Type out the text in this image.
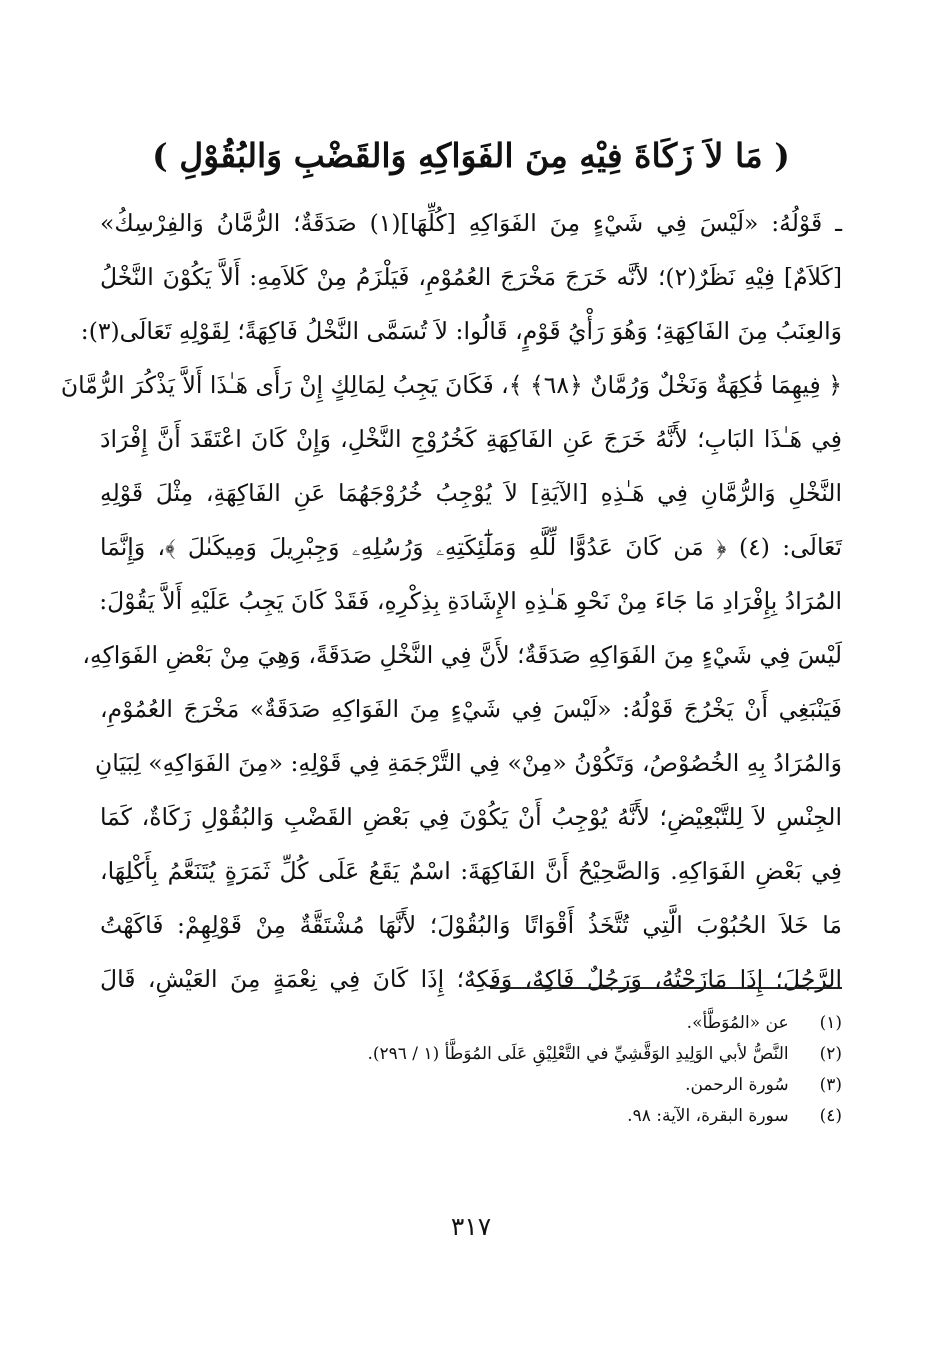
( مَا لاَ زَكَاةَ فِيْهِ مِنَ الفَوَاكِهِ وَالقَضْبِ وَالبُقُوْلِ )
ـ قَوْلُهُ: «لَيْسَ فِي شَيْءٍ مِنَ الفَوَاكِهِ [كُلِّهَا](١) صَدَقَةٌ؛ الرُّمَّانُ وَالفِرْسِكُ»
[كَلاَمٌ] فِيْهِ نَظَرٌ(٢)؛ لأنَّه خَرَجَ مَخْرَجَ العُمُوْمِ، فَيَلْزَمُ مِنْ كَلاَمِهِ: أَلاَّ يَكُوْنَ النَّخْلُ
وَالعِنَبُ مِنَ الفَاكِهَةِ؛ وَهُوَ رَأْيُ قَوْمٍ، قَالُوا: لاَ تُسَمَّى النَّخْلُ فَاكِهَةً؛ لِقَوْلِهِ تَعَالَى(٣):
﴿ فِيهِمَا فَٰكِهَةٌ وَنَخْلٌ وَرُمَّانٌ ﴿٦٨﴾ ﴾، فَكَانَ يَجِبُ لِمَالِكٍ إِنْ رَأَى هَـٰذَا أَلاَّ يَذْكُرَ الرُّمَّانَ
فِي هَـٰذَا البَابِ؛ لأَنَّهُ خَرَجَ عَنِ الفَاكِهَةِ كَخُرُوْجِ النَّخْلِ، وَإِنْ كَانَ اعْتَقَدَ أَنَّ إِفْرَادَ
النَّخْلِ وَالرُّمَّانِ فِي هَـٰذِهِ [الآيَةِ] لاَ يُوْجِبُ خُرُوْجَهُمَا عَنِ الفَاكِهَةِ، مِثْلَ قَوْلِهِ
تَعَالَى: (٤) ﴿ مَن كَانَ عَدُوًّا لِّلَّهِ وَمَلَٰٓئِكَتِهِۦ وَرُسُلِهِۦ وَجِبْرِيلَ وَمِيكَىٰلَ ﴾، وَإِنَّمَا
المُرَادُ بِإِفْرَادِ مَا جَاءَ مِنْ نَحْوِ هَـٰذِهِ الإِشَادَةِ بِذِكْرِهِ، فَقَدْ كَانَ يَجِبُ عَلَيْهِ أَلاَّ يَقُوْلَ:
لَيْسَ فِي شَيْءٍ مِنَ الفَوَاكِهِ صَدَقَةٌ؛ لأَنَّ فِي النَّخْلِ صَدَقَةً، وَهِيَ مِنْ بَعْضِ الفَوَاكِهِ،
فَيَنْبَغِي أَنْ يَخْرُجَ قَوْلُهُ: «لَيْسَ فِي شَيْءٍ مِنَ الفَوَاكِهِ صَدَقَةٌ» مَخْرَجَ العُمُوْمِ،
وَالمُرَادُ بِهِ الخُصُوْصُ، وَتَكُوْنُ «مِنْ» فِي التَّرْجَمَةِ فِي قَوْلِهِ: «مِنَ الفَوَاكِهِ» لِبَيَانِ
الجِنْسِ لاَ لِلتَّبْعِيْضِ؛ لأَنَّهُ يُوْجِبُ أَنْ يَكُوْنَ فِي بَعْضِ القَضْبِ وَالبُقُوْلِ زَكَاةٌ، كَمَا
فِي بَعْضِ الفَوَاكِهِ. وَالصَّحِيْحُ أَنَّ الفَاكِهَةَ: اسْمٌ يَقَعُ عَلَى كُلِّ ثَمَرَةٍ يُتَنَعَّمُ بِأَكْلِهَا،
مَا خَلاَ الحُبُوْبَ الَّتِي تُتَّخَذُ أَقْوَاتًا وَالبُقُوْلَ؛ لأَنَّهَا مُشْتَقَّةٌ مِنْ قَوْلِهِمْ: فَاكَهْتُ
الرَّجُلَ؛ إِذَا مَازَحْتُهُ، وَرَجُلٌ فَاكِهٌ، وَفَكِهٌ؛ إِذَا كَانَ فِي نِعْمَةٍ مِنَ العَيْشِ، قَالَ
(١) عن «المُوَطَّأ».
(٢) النَّصُّ لأبي الوَلِيدِ الوَقَّشِيِّ في التَّعْلِيْقِ عَلَى المُوَطَّأ (١ / ٢٩٦).
(٣) سُورة الرحمن.
(٤) سورة البقرة، الآية: ٩٨.
٣١٧
